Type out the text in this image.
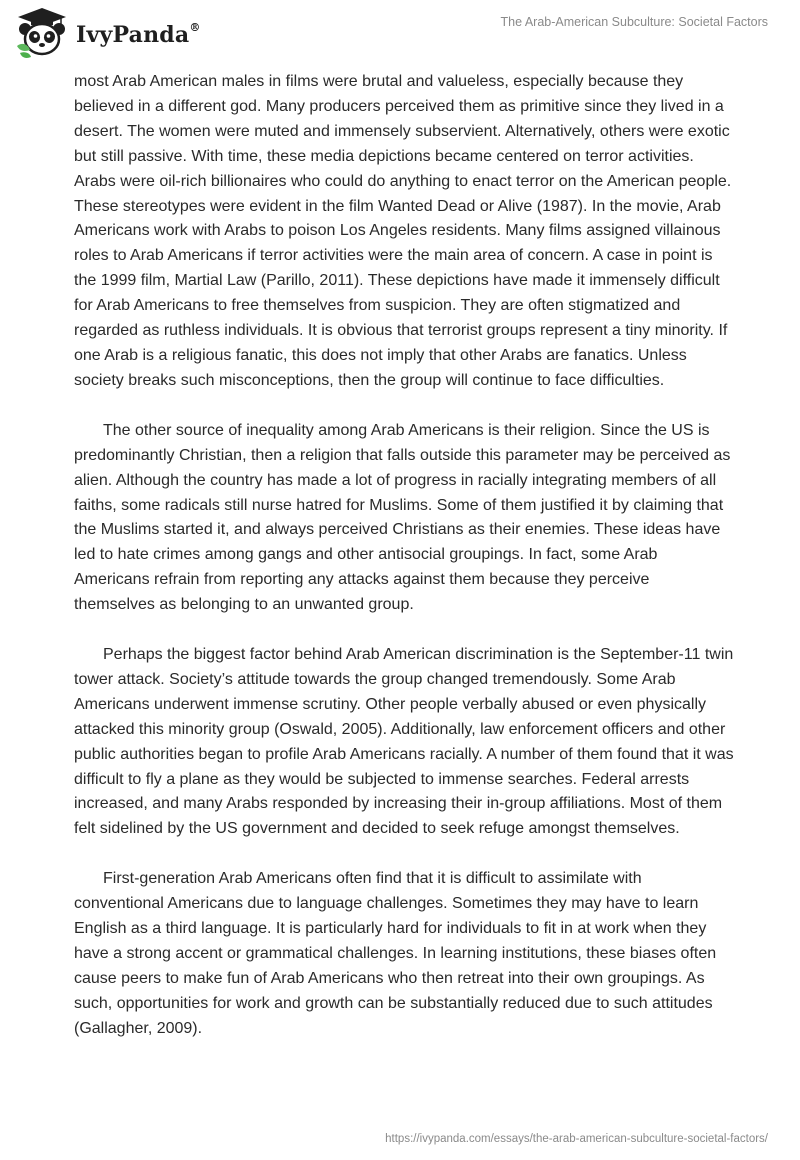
IvyPanda®	The Arab-American Subculture: Societal Factors

most Arab American males in films were brutal and valueless, especially because they believed in a different god. Many producers perceived them as primitive since they lived in a desert. The women were muted and immensely subservient. Alternatively, others were exotic but still passive. With time, these media depictions became centered on terror activities. Arabs were oil-rich billionaires who could do anything to enact terror on the American people. These stereotypes were evident in the film Wanted Dead or Alive (1987). In the movie, Arab Americans work with Arabs to poison Los Angeles residents. Many films assigned villainous roles to Arab Americans if terror activities were the main area of concern. A case in point is the 1999 film, Martial Law (Parillo, 2011). These depictions have made it immensely difficult for Arab Americans to free themselves from suspicion. They are often stigmatized and regarded as ruthless individuals. It is obvious that terrorist groups represent a tiny minority. If one Arab is a religious fanatic, this does not imply that other Arabs are fanatics. Unless society breaks such misconceptions, then the group will continue to face difficulties.

The other source of inequality among Arab Americans is their religion. Since the US is predominantly Christian, then a religion that falls outside this parameter may be perceived as alien. Although the country has made a lot of progress in racially integrating members of all faiths, some radicals still nurse hatred for Muslims. Some of them justified it by claiming that the Muslims started it, and always perceived Christians as their enemies. These ideas have led to hate crimes among gangs and other antisocial groupings. In fact, some Arab Americans refrain from reporting any attacks against them because they perceive themselves as belonging to an unwanted group.

Perhaps the biggest factor behind Arab American discrimination is the September-11 twin tower attack. Society’s attitude towards the group changed tremendously. Some Arab Americans underwent immense scrutiny. Other people verbally abused or even physically attacked this minority group (Oswald, 2005). Additionally, law enforcement officers and other public authorities began to profile Arab Americans racially. A number of them found that it was difficult to fly a plane as they would be subjected to immense searches. Federal arrests increased, and many Arabs responded by increasing their in-group affiliations. Most of them felt sidelined by the US government and decided to seek refuge amongst themselves.

First-generation Arab Americans often find that it is difficult to assimilate with conventional Americans due to language challenges. Sometimes they may have to learn English as a third language. It is particularly hard for individuals to fit in at work when they have a strong accent or grammatical challenges. In learning institutions, these biases often cause peers to make fun of Arab Americans who then retreat into their own groupings. As such, opportunities for work and growth can be substantially reduced due to such attitudes (Gallagher, 2009).

https://ivypanda.com/essays/the-arab-american-subculture-societal-factors/
